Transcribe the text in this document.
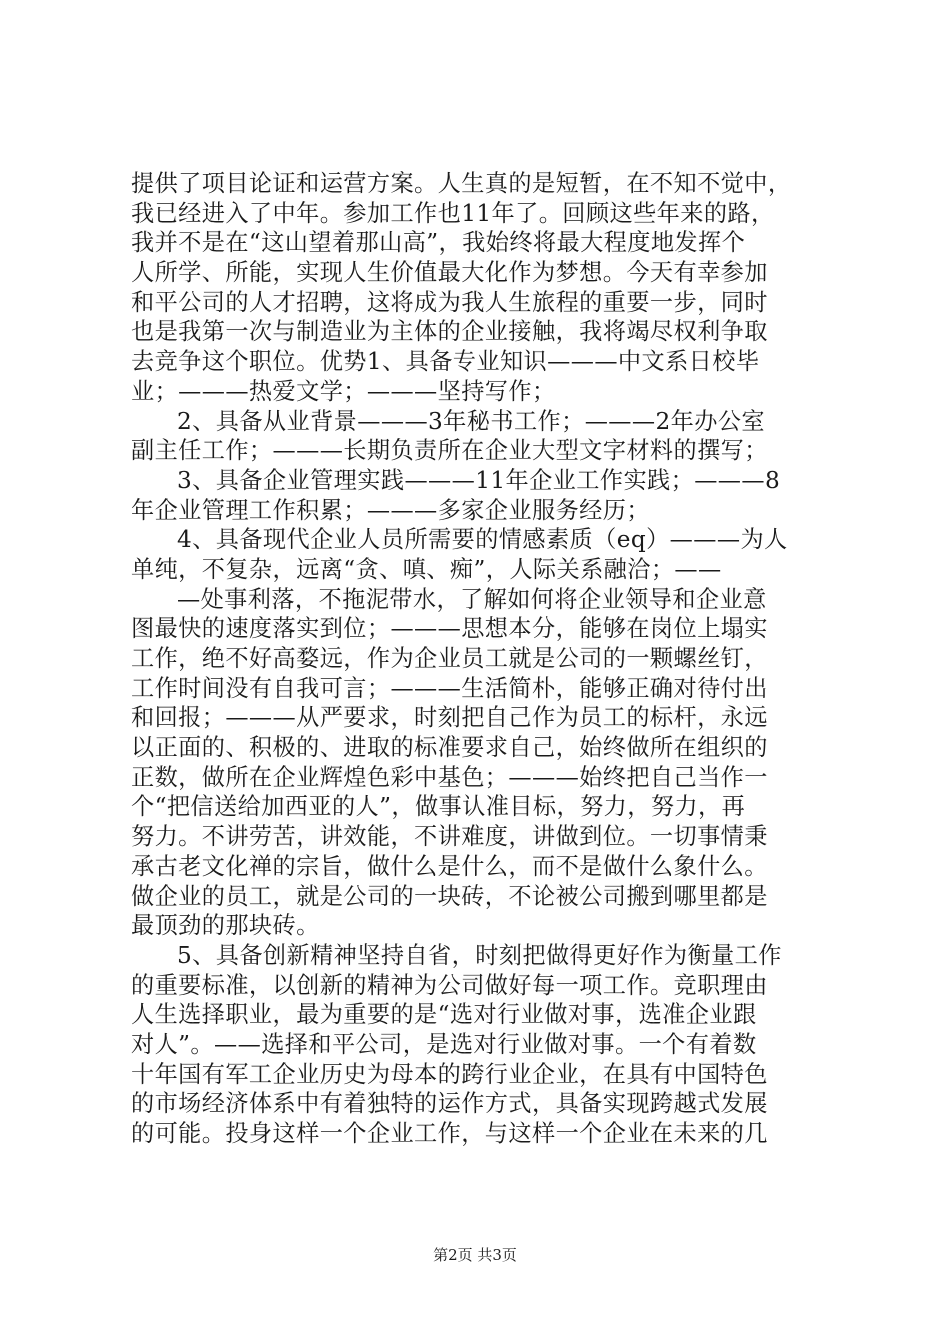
提供了项目论证和运营方案。人生真的是短暂，在不知不觉中，
我已经进入了中年。参加工作也11年了。回顾这些年来的路，
我并不是在“这山望着那山高”，我始终将最大程度地发挥个
人所学、所能，实现人生价值最大化作为梦想。今天有幸参加
和平公司的人才招聘，这将成为我人生旅程的重要一步，同时
也是我第一次与制造业为主体的企业接触，我将竭尽权利争取
去竞争这个职位。优势1、具备专业知识———中文系日校毕
业；———热爱文学；———坚持写作；
2、具备从业背景———3年秘书工作；———2年办公室
副主任工作；———长期负责所在企业大型文字材料的撰写；
3、具备企业管理实践———11年企业工作实践；———8
年企业管理工作积累；———多家企业服务经历；
4、具备现代企业人员所需要的情感素质（eq）———为人
单纯，不复杂，远离“贪、嗔、痴”，人际关系融洽；——
—处事利落，不拖泥带水，了解如何将企业领导和企业意
图最快的速度落实到位；———思想本分，能够在岗位上塌实
工作，绝不好高婺远，作为企业员工就是公司的一颗螺丝钉，
工作时间没有自我可言；———生活简朴，能够正确对待付出
和回报；———从严要求，时刻把自己作为员工的标杆，永远
以正面的、积极的、进取的标准要求自己，始终做所在组织的
正数，做所在企业辉煌色彩中基色；———始终把自己当作一
个“把信送给加西亚的人”，做事认准目标，努力，努力，再
努力。不讲劳苦，讲效能，不讲难度，讲做到位。一切事情秉
承古老文化禅的宗旨，做什么是什么，而不是做什么象什么。
做企业的员工，就是公司的一块砖，不论被公司搬到哪里都是
最顶劲的那块砖。
5、具备创新精神坚持自省，时刻把做得更好作为衡量工作
的重要标准，以创新的精神为公司做好每一项工作。竞职理由
人生选择职业，最为重要的是“选对行业做对事，选准企业跟
对人”。——选择和平公司，是选对行业做对事。一个有着数
十年国有军工企业历史为母本的跨行业企业，在具有中国特色
的市场经济体系中有着独特的运作方式，具备实现跨越式发展
的可能。投身这样一个企业工作，与这样一个企业在未来的几
第2页 共3页
